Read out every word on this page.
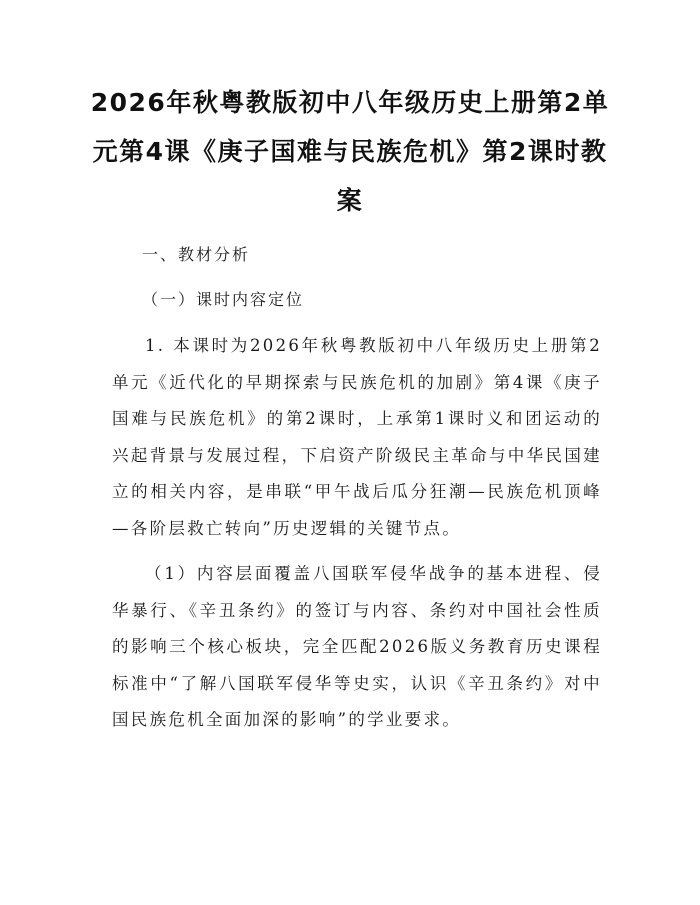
2026年秋粤教版初中八年级历史上册第2单元第4课《庚子国难与民族危机》第2课时教案
一、教材分析
（一）课时内容定位
1. 本课时为2026年秋粤教版初中八年级历史上册第2单元《近代化的早期探索与民族危机的加剧》第4课《庚子国难与民族危机》的第2课时，上承第1课时义和团运动的兴起背景与发展过程，下启资产阶级民主革命与中华民国建立的相关内容，是串联“甲午战后瓜分狂潮—民族危机顶峰—各阶层救亡转向”历史逻辑的关键节点。
（1）内容层面覆盖八国联军侵华战争的基本进程、侵华暴行、《辛丑条约》的签订与内容、条约对中国社会性质的影响三个核心板块，完全匹配2026版义务教育历史课程标准中“了解八国联军侵华等史实，认识《辛丑条约》对中国民族危机全面加深的影响”的学业要求。
